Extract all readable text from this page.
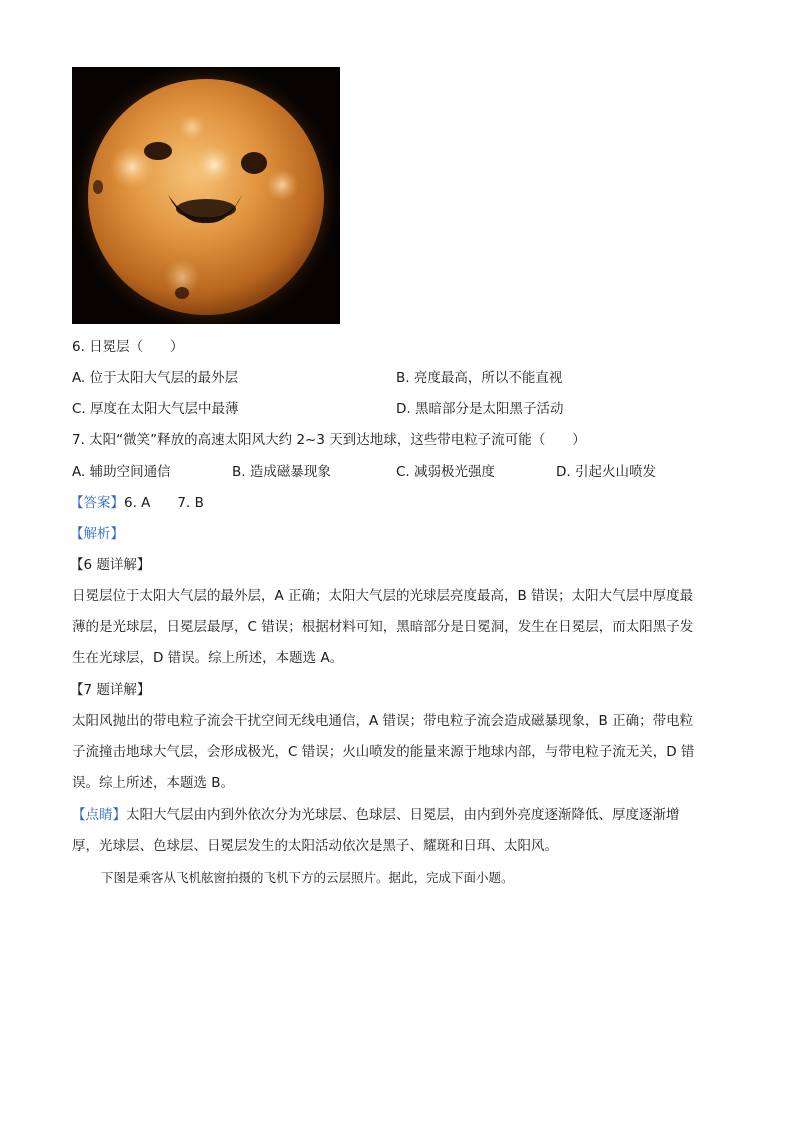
6. 日冕层（　　）
A. 位于太阳大气层的最外层	B. 亮度最高，所以不能直视
C. 厚度在太阳大气层中最薄	D. 黑暗部分是太阳黑子活动
7. 太阳“微笑”释放的高速太阳风大约 2~3 天到达地球，这些带电粒子流可能（　　）
A. 辅助空间通信	B. 造成磁暴现象	C. 减弱极光强度	D. 引起火山喷发
【答案】6. A　　7. B
【解析】
【6 题详解】
日冕层位于太阳大气层的最外层，A 正确；太阳大气层的光球层亮度最高，B 错误；太阳大气层中厚度最
薄的是光球层，日冕层最厚，C 错误；根据材料可知，黑暗部分是日冕洞，发生在日冕层，而太阳黑子发
生在光球层，D 错误。综上所述，本题选 A。
【7 题详解】
太阳风抛出的带电粒子流会干扰空间无线电通信，A 错误；带电粒子流会造成磁暴现象，B 正确；带电粒
子流撞击地球大气层，会形成极光，C 错误；火山喷发的能量来源于地球内部，与带电粒子流无关，D 错
误。综上所述，本题选 B。
【点睛】太阳大气层由内到外依次分为光球层、色球层、日冕层，由内到外亮度逐渐降低、厚度逐渐增
厚，光球层、色球层、日冕层发生的太阳活动依次是黑子、耀斑和日珥、太阳风。
下图是乘客从飞机舷窗拍摄的飞机下方的云层照片。据此，完成下面小题。
